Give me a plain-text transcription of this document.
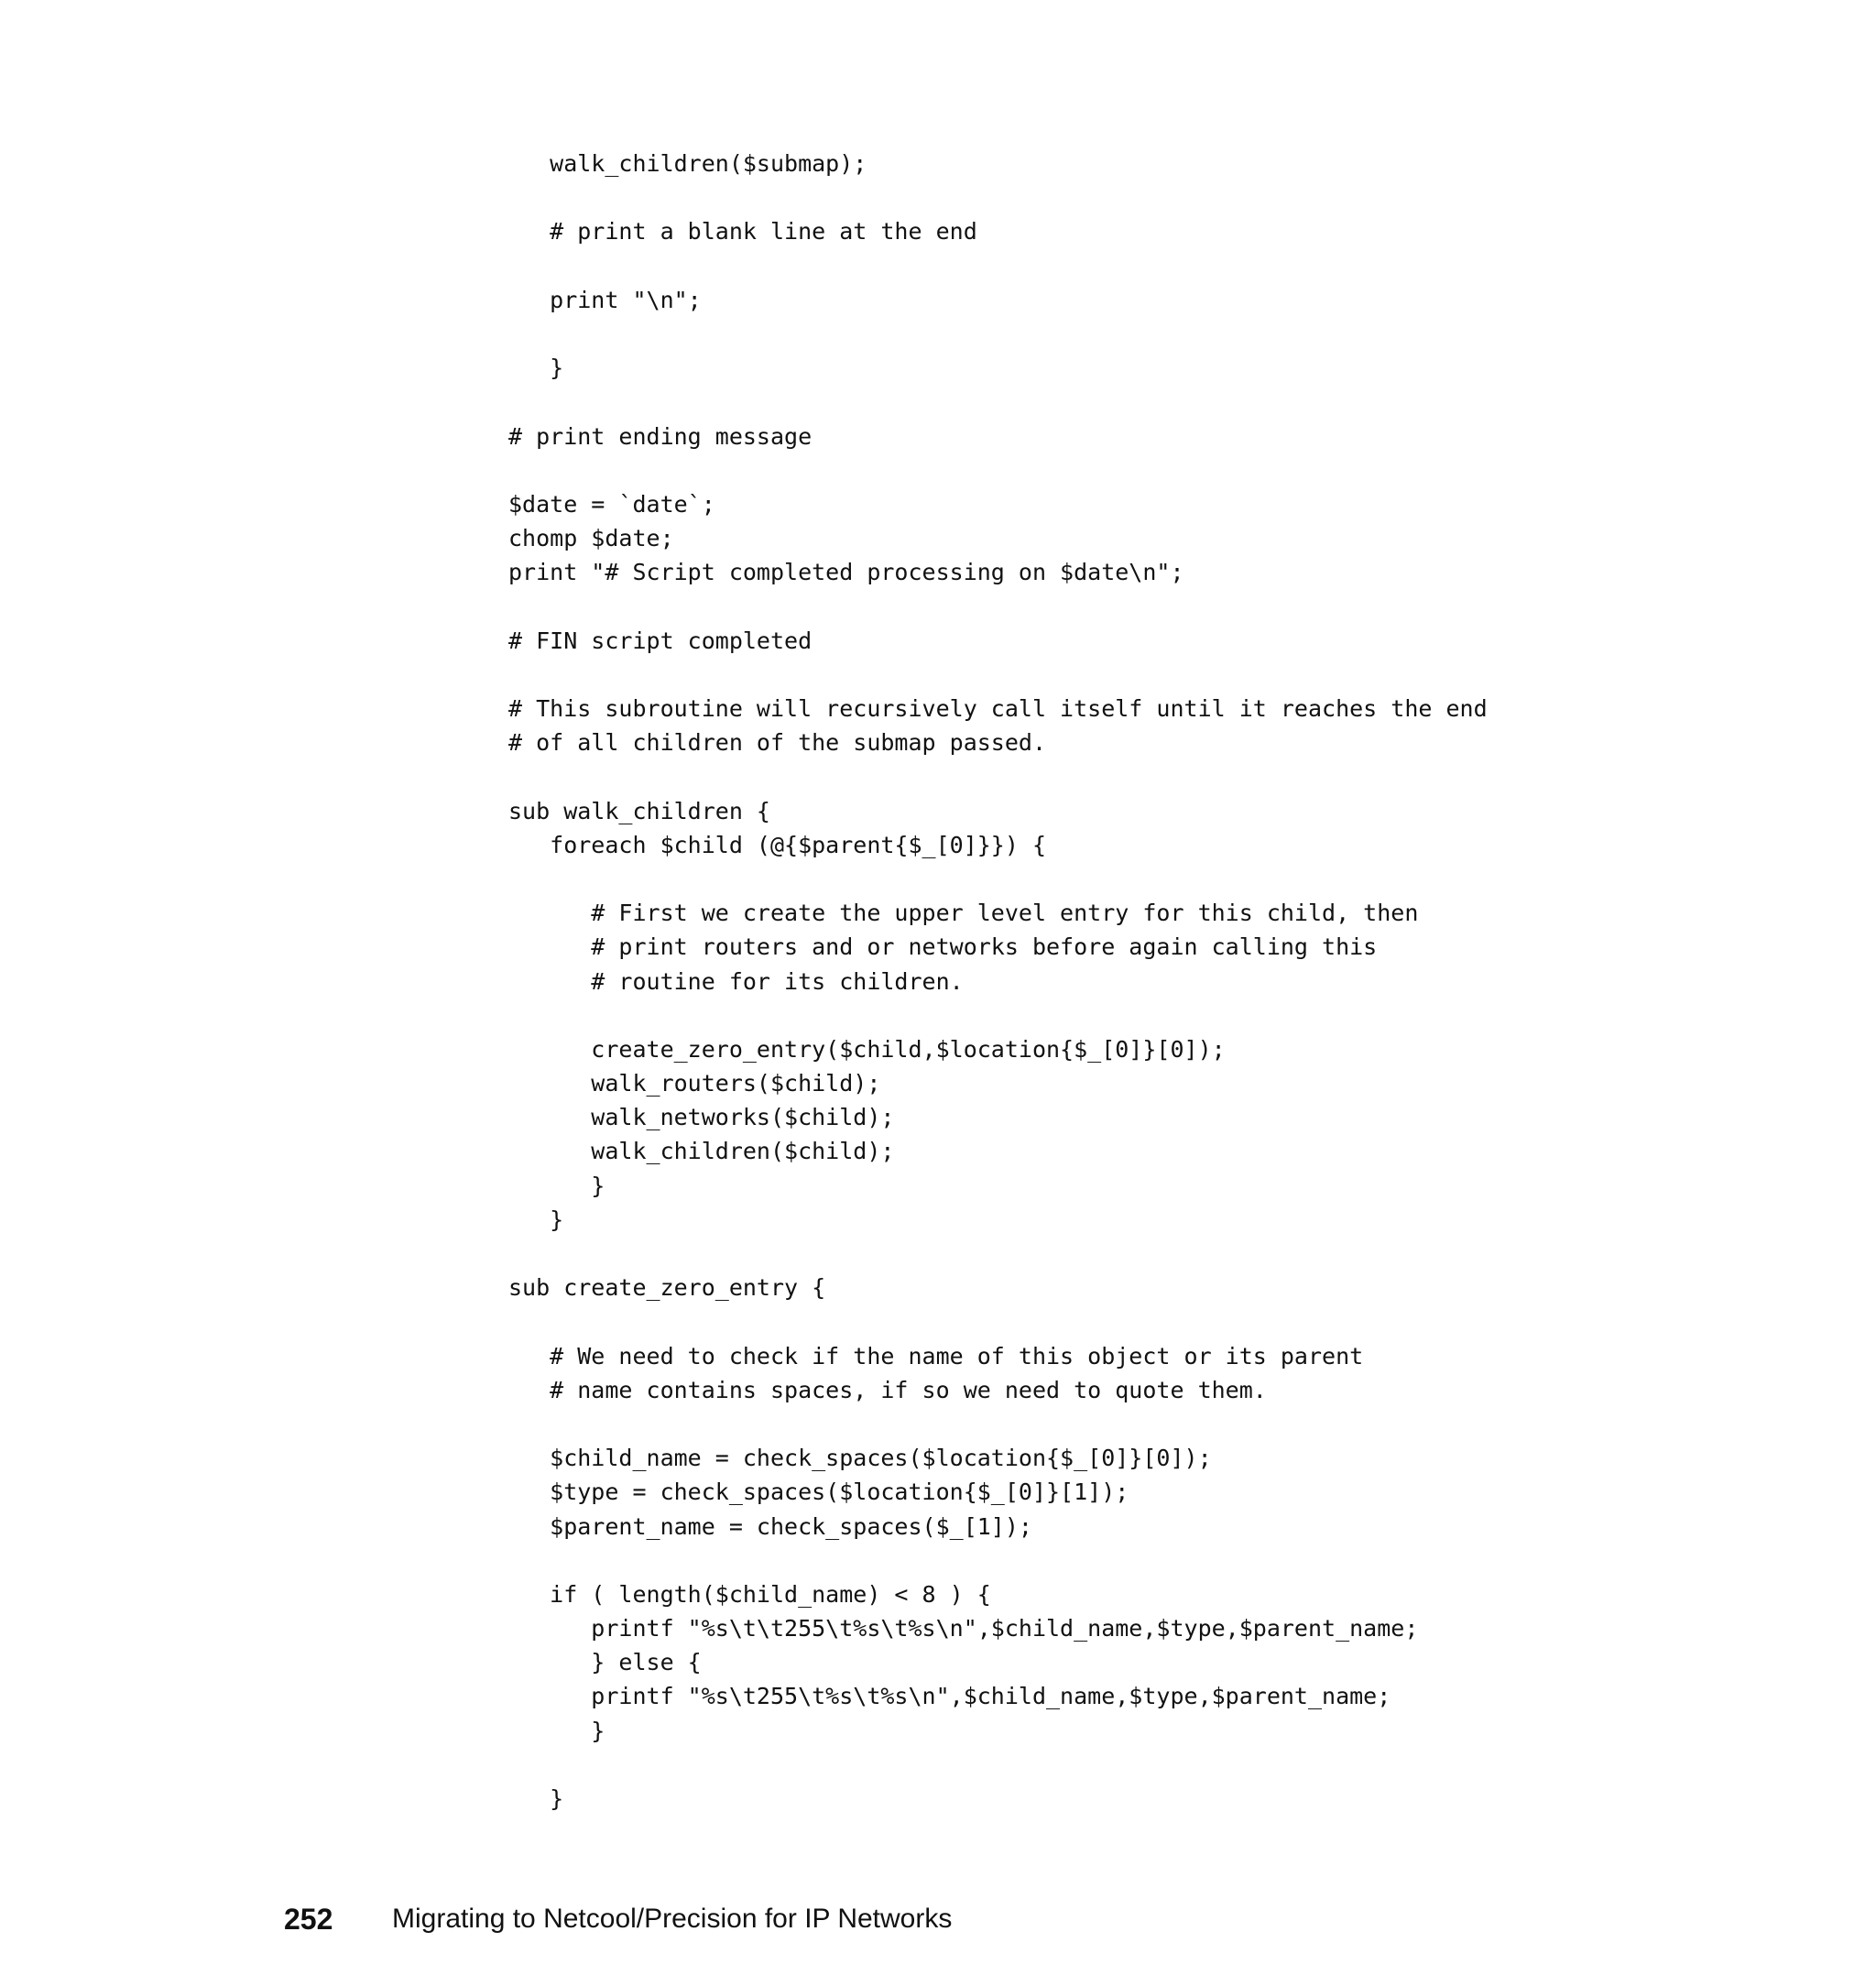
walk_children($submap);
# print a blank line at the end
print "\n";
}
# print ending message
$date = `date`;
chomp $date;
print "# Script completed processing on $date\n";
# FIN script completed
# This subroutine will recursively call itself until it reaches the end
# of all children of the submap passed.
sub walk_children {
foreach $child (@{$parent{$_[0]}}) {
# First we create the upper level entry for this child, then
# print routers and or networks before again calling this
# routine for its children.
create_zero_entry($child,$location{$_[0]}[0]);
walk_routers($child);
walk_networks($child);
walk_children($child);
}
}
sub create_zero_entry {
# We need to check if the name of this object or its parent
# name contains spaces, if so we need to quote them.
$child_name = check_spaces($location{$_[0]}[0]);
$type = check_spaces($location{$_[0]}[1]);
$parent_name = check_spaces($_[1]);
if ( length($child_name) < 8 ) {
printf "%s\t\t255\t%s\t%s\n",$child_name,$type,$parent_name;
} else {
printf "%s\t255\t%s\t%s\n",$child_name,$type,$parent_name;
}
}
252	Migrating to Netcool/Precision for IP Networks
